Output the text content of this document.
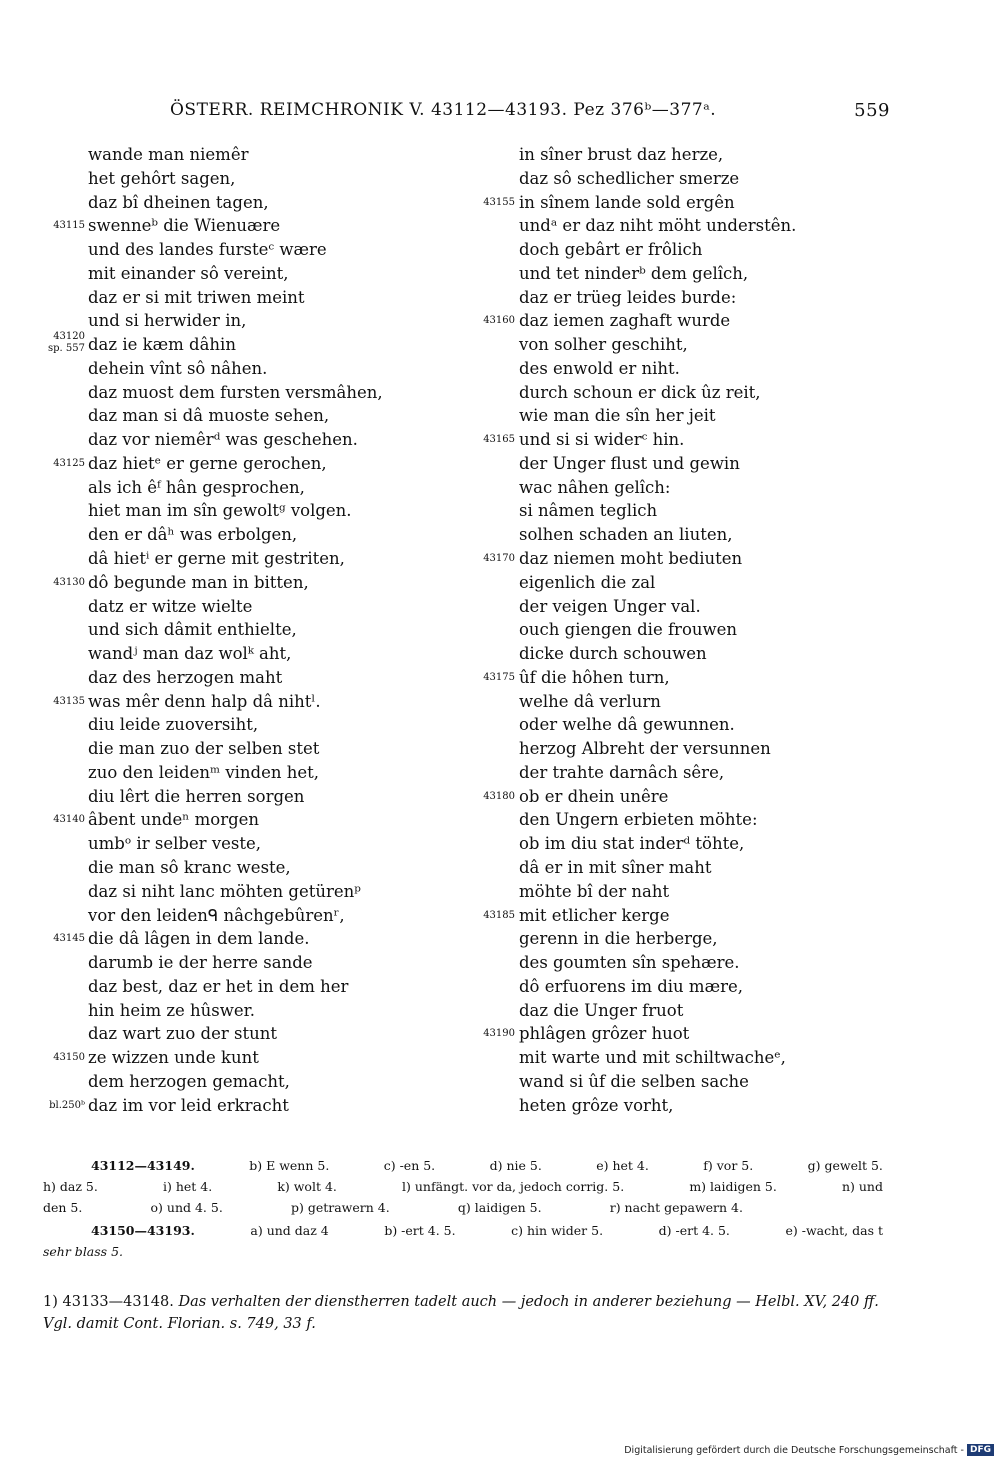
ÖSTERR. REIMCHRONIK V. 43112—43193. Pez 376ᵇ—377ᵃ.	559
wande man niemêr
het gehôrt sagen,
daz bî dheinen tagen,
43115 swenneᵇ die Wienuære
und des landes fursteᶜ wære
mit einander sô vereint,
daz er si mit triwen meint
und si herwider in,
43120
sp. 557 daz ie kæm dâhin
dehein vînt sô nâhen.
daz muost dem fursten versmâhen,
daz man si dâ muoste sehen,
daz vor niemêrᵈ was geschehen.
43125 daz hietᵉ er gerne gerochen,
als ich êᶠ hân gesprochen,
hiet man im sîn gewoltᵍ volgen.
den er dâʰ was erbolgen,
dâ hietⁱ er gerne mit gestriten,
43130 dô begunde man in bitten,
datz er witze wielte
und sich dâmit enthielte,
wandʲ man daz wolᵏ aht,
daz des herzogen maht
43135 was mêr denn halp dâ nihtˡ.
diu leide zuoversiht,
die man zuo der selben stet
zuo den leidenᵐ vinden het,
diu lêrt die herren sorgen
43140 âbent undeⁿ morgen
umbᵒ ir selber veste,
die man sô kranc weste,
daz si niht lanc möhten getürenᵖ
vor den leidenᑫ nâchgebûrenʳ,
43145 die dâ lâgen in dem lande.
darumb ie der herre sande
daz best, daz er het in dem her
hin heim ze hûswer.
daz wart zuo der stunt
43150 ze wizzen unde kunt
dem herzogen gemacht,
bl.250ᵇ daz im vor leid erkracht
in sîner brust daz herze,
daz sô schedlicher smerze
43155 in sînem lande sold ergên
undᵃ er daz niht möht understên.
doch gebârt er frôlich
und tet ninderᵇ dem gelîch,
daz er trüeg leides burde:
43160 daz iemen zaghaft wurde
von solher geschiht,
des enwold er niht.
durch schoun er dick ûz reit,
wie man die sîn her jeit
43165 und si si widerᶜ hin.
der Unger flust und gewin
wac nâhen gelîch:
si nâmen teglich
solhen schaden an liuten,
43170 daz niemen moht bediuten
eigenlich die zal
der veigen Unger val.
ouch giengen die frouwen
dicke durch schouwen
43175 ûf die hôhen turn,
welhe dâ verlurn
oder welhe dâ gewunnen.
herzog Albreht der versunnen
der trahte darnâch sêre,
43180 ob er dhein unêre
den Ungern erbieten möhte:
ob im diu stat inderᵈ töhte,
dâ er in mit sîner maht
möhte bî der naht
43185 mit etlicher kerge
gerenn in die herberge,
des goumten sîn spehære.
dô erfuorens im diu mære,
daz die Unger fruot
43190 phlâgen grôzer huot
mit warte und mit schiltwacheᵉ,
wand si ûf die selben sache
heten grôze vorht,
43112—43149.	b) E wenn 5.	c) -en 5.	d) nie 5.	e) het 4.	f) vor 5.	g) gewelt 5.
h) daz 5.	i) het 4.	k) wolt 4.	l) unfängt. vor da, jedoch corrig. 5.	m) laidigen 5.	n) und
den 5.	o) und 4. 5.	p) getrawern 4.	q) laidigen 5.	r) nacht gepawern 4.
43150—43193.	a) und daz 4	b) -ert 4. 5.	c) hin wider 5.	d) -ert 4. 5.	e) -wacht, das t

sehr blass 5.

1) 43133—43148. Das verhalten der dienstherren tadelt auch — jedoch in anderer beziehung — Helbl. XV, 240 ff. Vgl. damit Cont. Florian. s. 749, 33 f.
Digitalisierung gefördert durch die Deutsche Forschungsgemeinschaft - DFG
